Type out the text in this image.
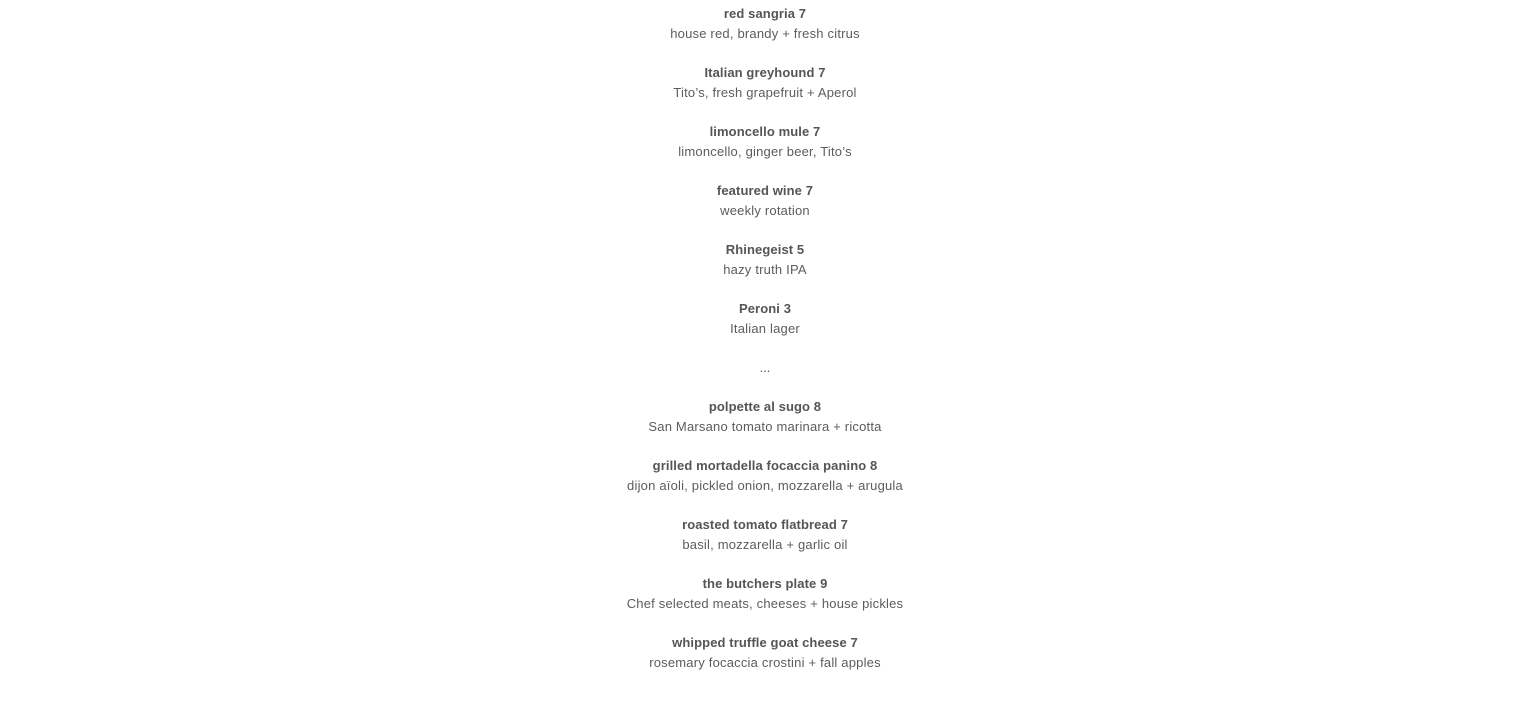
red sangria 7
house red, brandy + fresh citrus
Italian greyhound 7
Tito’s, fresh grapefruit + Aperol
limoncello mule 7
limoncello, ginger beer, Tito’s
featured wine 7
weekly rotation
Rhinegeist 5
hazy truth IPA
Peroni 3
Italian lager
...
polpette al sugo 8
San Marsano tomato marinara + ricotta
grilled mortadella focaccia panino 8
dijon aïoli, pickled onion, mozzarella + arugula
roasted tomato flatbread 7
basil, mozzarella + garlic oil
the butchers plate 9
Chef selected meats, cheeses + house pickles
whipped truffle goat cheese 7
rosemary focaccia crostini + fall apples
